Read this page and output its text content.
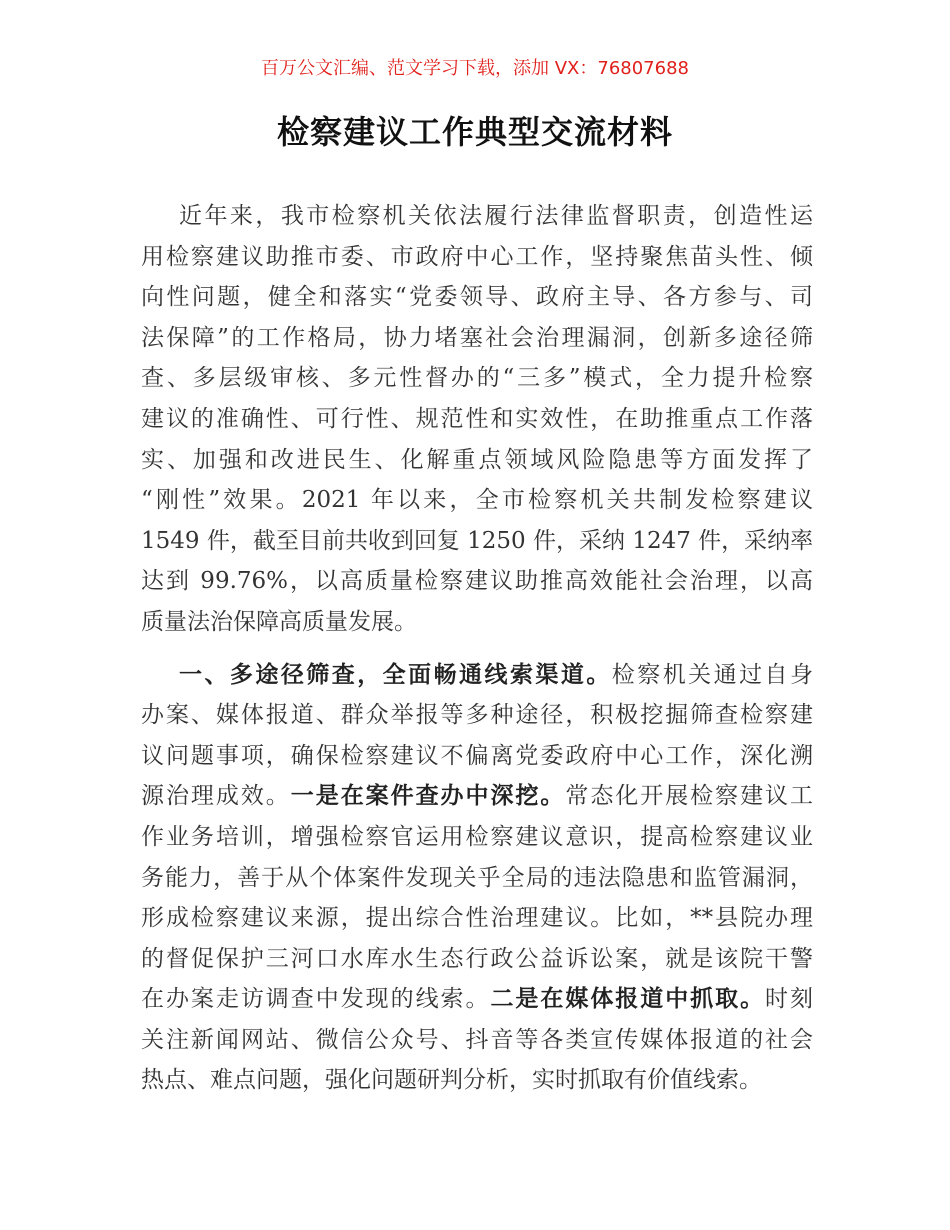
百万公文汇编、范文学习下载，添加 VX：76807688
检察建议工作典型交流材料
近年来，我市检察机关依法履行法律监督职责，创造性运
用检察建议助推市委、市政府中心工作，坚持聚焦苗头性、倾
向性问题，健全和落实“党委领导、政府主导、各方参与、司
法保障”的工作格局，协力堵塞社会治理漏洞，创新多途径筛
查、多层级审核、多元性督办的“三多”模式，全力提升检察
建议的准确性、可行性、规范性和实效性，在助推重点工作落
实、加强和改进民生、化解重点领域风险隐患等方面发挥了
“刚性”效果。2021 年以来，全市检察机关共制发检察建议
1549 件，截至目前共收到回复 1250 件，采纳 1247 件，采纳率
达到 99.76%，以高质量检察建议助推高效能社会治理，以高
质量法治保障高质量发展。
一、多途径筛查，全面畅通线索渠道。检察机关通过自身
办案、媒体报道、群众举报等多种途径，积极挖掘筛查检察建
议问题事项，确保检察建议不偏离党委政府中心工作，深化溯
源治理成效。一是在案件查办中深挖。常态化开展检察建议工
作业务培训，增强检察官运用检察建议意识，提高检察建议业
务能力，善于从个体案件发现关乎全局的违法隐患和监管漏洞，
形成检察建议来源，提出综合性治理建议。比如，**县院办理
的督促保护三河口水库水生态行政公益诉讼案，就是该院干警
在办案走访调查中发现的线索。二是在媒体报道中抓取。时刻
关注新闻网站、微信公众号、抖音等各类宣传媒体报道的社会
热点、难点问题，强化问题研判分析，实时抓取有价值线索。
